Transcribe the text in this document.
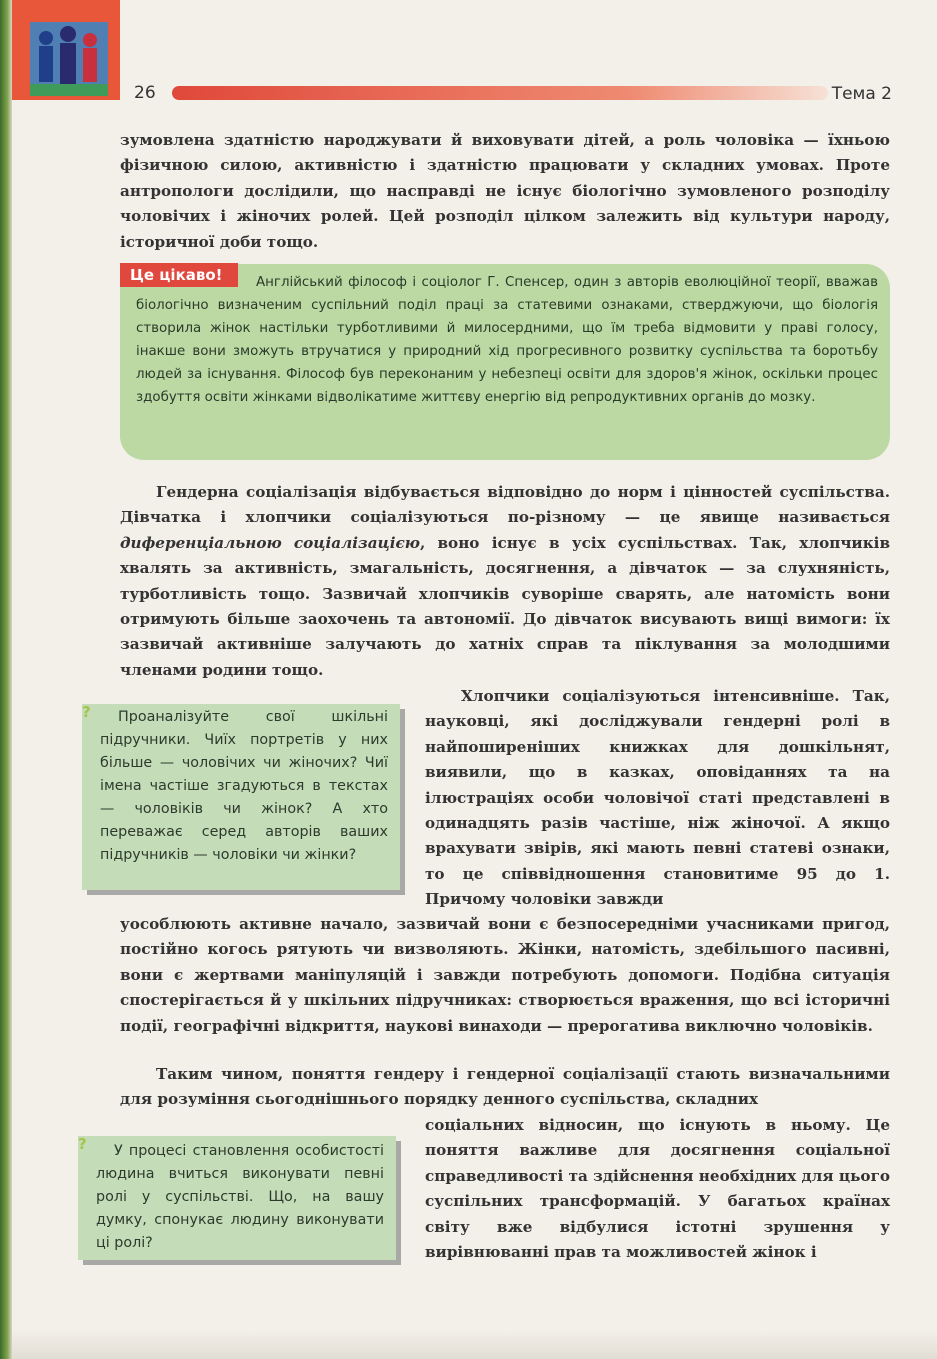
26	Тема 2

зумовлена здатністю народжувати й виховувати дітей, а роль чоловіка — їхньою фізичною силою, активністю і здатністю працювати у складних умовах. Проте антропологи дослідили, що насправді не існує біологічно зумовленого розподілу чоловічих і жіночих ролей. Цей розподіл цілком залежить від культури народу, історичної доби тощо.

Це цікаво!	Англійський філософ і соціолог Г. Спенсер, один з авторів еволюційної теорії, вважав біологічно визначеним суспільний поділ праці за статевими ознаками, стверджуючи, що біологія створила жінок настільки турботливими й милосердними, що їм треба відмовити у праві голосу, інакше вони зможуть втручатися у природний хід прогресивного розвитку суспільства та боротьбу людей за існування. Філософ був переконаним у небезпеці освіти для здоров'я жінок, оскільки процес здобуття освіти жінками відволікатиме життєву енергію від репродуктивних органів до мозку.

Гендерна соціалізація відбувається відповідно до норм і цінностей суспільства. Дівчатка і хлопчики соціалізуються по-різному — це явище називається диференціальною соціалізацією, воно існує в усіх суспільствах. Так, хлопчиків хвалять за активність, змагальність, досягнення, а дівчаток — за слухняність, турботливість тощо. Зазвичай хлопчиків суворіше сварять, але натомість вони отримують більше заохочень та автономії. До дівчаток висувають вищі вимоги: їх зазвичай активніше залучають до хатніх справ та піклування за молодшими членами родини тощо.

?	Проаналізуйте свої шкільні підручники. Чиїх портретів у них більше — чоловічих чи жіночих? Чиї імена частіше згадуються в текстах — чоловіків чи жінок? А хто переважає серед авторів ваших підручників — чоловіки чи жінки?

Хлопчики соціалізуються інтенсивніше. Так, науковці, які досліджували гендерні ролі в найпоширеніших книжках для дошкільнят, виявили, що в казках, оповіданнях та на ілюстраціях особи чоловічої статі представлені в одинадцять разів частіше, ніж жіночої. А якщо врахувати звірів, які мають певні статеві ознаки, то це співвідношення становитиме 95 до 1. Причому чоловіки завжди

уособлюють активне начало, зазвичай вони є безпосередніми учасниками пригод, постійно когось рятують чи визволяють. Жінки, натомість, здебільшого пасивні, вони є жертвами маніпуляцій і завжди потребують допомоги. Подібна ситуація спостерігається й у шкільних підручниках: створюється враження, що всі історичні події, географічні відкриття, наукові винаходи — прерогатива виключно чоловіків.

Таким чином, поняття гендеру і гендерної соціалізації стають визначальними для розуміння сьогоднішнього порядку денного суспільства, складних

?	У процесі становлення особистості людина вчиться виконувати певні ролі у суспільстві. Що, на вашу думку, спонукає людину виконувати ці ролі?

соціальних відносин, що існують в ньому. Це поняття важливе для досягнення соціальної справедливості та здійснення необхідних для цього суспільних трансформацій. У багатьох країнах світу вже відбулися істотні зрушення у вирівнюванні прав та можливостей жінок і
